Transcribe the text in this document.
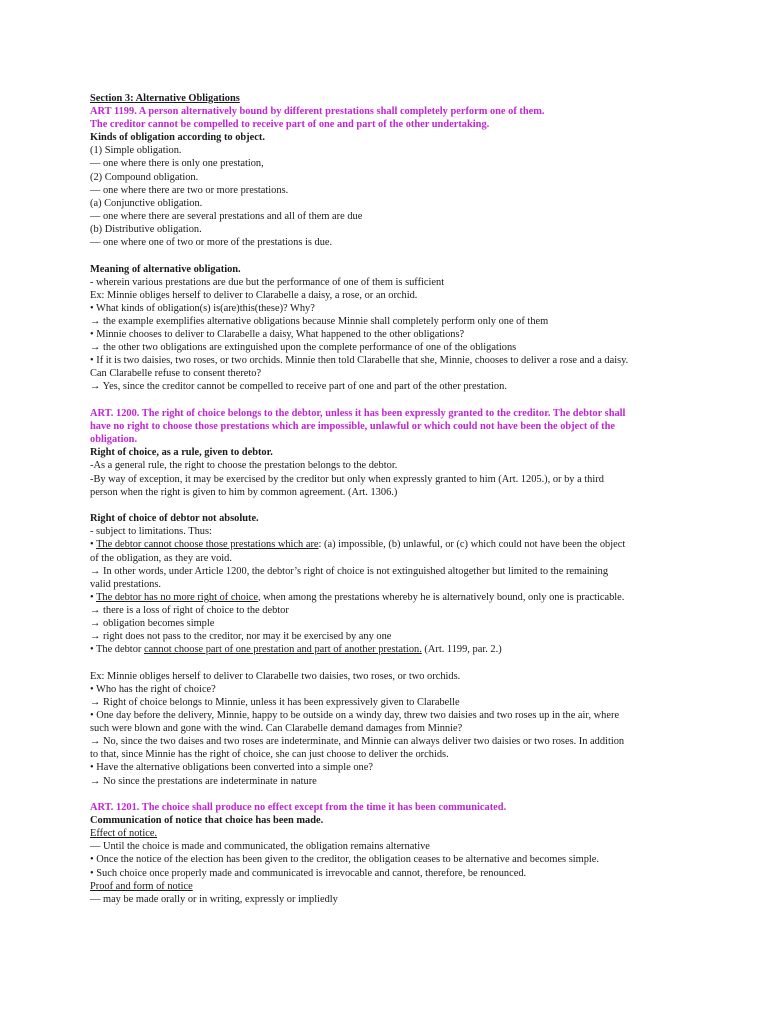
Section 3: Alternative Obligations
ART 1199. A person alternatively bound by different prestations shall completely perform one of them.
The creditor cannot be compelled to receive part of one and part of the other undertaking.
Kinds of obligation according to object.
(1) Simple obligation.
— one where there is only one prestation,
(2) Compound obligation.
— one where there are two or more prestations.
(a) Conjunctive obligation.
— one where there are several prestations and all of them are due
(b) Distributive obligation.
— one where one of two or more of the prestations is due.
Meaning of alternative obligation.
- wherein various prestations are due but the performance of one of them is sufficient
Ex: Minnie obliges herself to deliver to Clarabelle a daisy, a rose, or an orchid.
• What kinds of obligation(s) is(are)this(these)? Why?
→ the example exemplifies alternative obligations because Minnie shall completely perform only one of them
• Minnie chooses to deliver to Clarabelle a daisy, What happened to the other obligations?
→ the other two obligations are extinguished upon the complete performance of one of the obligations
• If it is two daisies, two roses, or two orchids. Minnie then told Clarabelle that she, Minnie, chooses to deliver a rose and a daisy.
Can Clarabelle refuse to consent thereto?
→ Yes, since the creditor cannot be compelled to receive part of one and part of the other prestation.
ART. 1200. The right of choice belongs to the debtor, unless it has been expressly granted to the creditor. The debtor shall
have no right to choose those prestations which are impossible, unlawful or which could not have been the object of the
obligation.
Right of choice, as a rule, given to debtor.
-As a general rule, the right to choose the prestation belongs to the debtor.
-By way of exception, it may be exercised by the creditor but only when expressly granted to him (Art. 1205.), or by a third
person when the right is given to him by common agreement. (Art. 1306.)
Right of choice of debtor not absolute.
- subject to limitations. Thus:
• The debtor cannot choose those prestations which are: (a) impossible, (b) unlawful, or (c) which could not have been the object
of the obligation, as they are void.
→ In other words, under Article 1200, the debtor’s right of choice is not extinguished altogether but limited to the remaining
valid prestations.
• The debtor has no more right of choice, when among the prestations whereby he is alternatively bound, only one is practicable.
→ there is a loss of right of choice to the debtor
→ obligation becomes simple
→ right does not pass to the creditor, nor may it be exercised by any one
• The debtor cannot choose part of one prestation and part of another prestation. (Art. 1199, par. 2.)
Ex: Minnie obliges herself to deliver to Clarabelle two daisies, two roses, or two orchids.
• Who has the right of choice?
→ Right of choice belongs to Minnie, unless it has been expressively given to Clarabelle
• One day before the delivery, Minnie, happy to be outside on a windy day, threw two daisies and two roses up in the air, where
such were blown and gone with the wind. Can Clarabelle demand damages from Minnie?
→ No, since the two daises and two roses are indeterminate, and Minnie can always deliver two daisies or two roses. In addition
to that, since Minnie has the right of choice, she can just choose to deliver the orchids.
• Have the alternative obligations been converted into a simple one?
→ No since the prestations are indeterminate in nature
ART. 1201. The choice shall produce no effect except from the time it has been communicated.
Communication of notice that choice has been made.
Effect of notice.
— Until the choice is made and communicated, the obligation remains alternative
• Once the notice of the election has been given to the creditor, the obligation ceases to be alternative and becomes simple.
• Such choice once properly made and communicated is irrevocable and cannot, therefore, be renounced.
Proof and form of notice
— may be made orally or in writing, expressly or impliedly
